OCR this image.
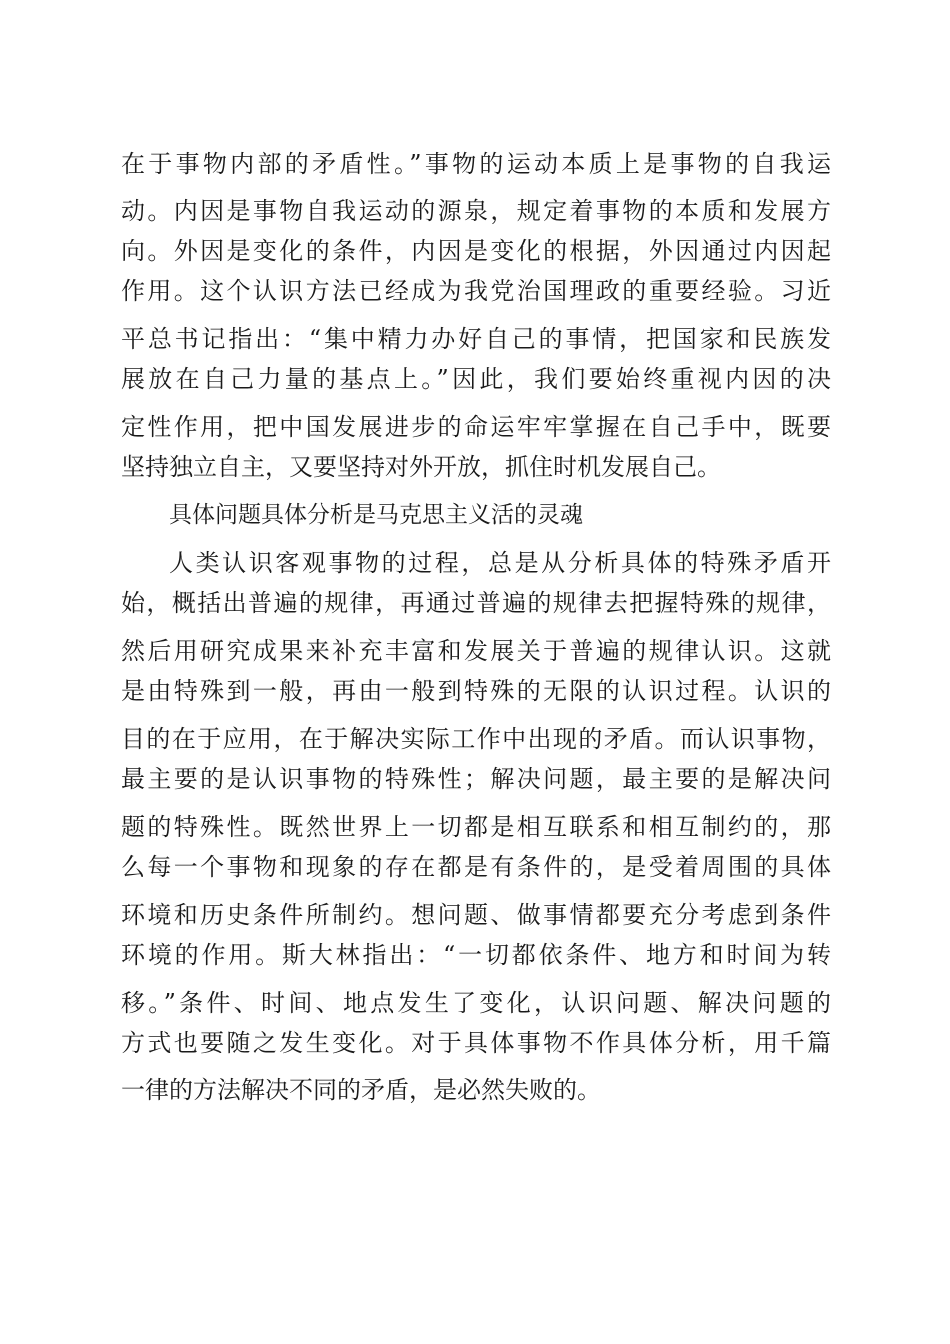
在于事物内部的矛盾性。”事物的运动本质上是事物的自我运
动。内因是事物自我运动的源泉，规定着事物的本质和发展方
向。外因是变化的条件，内因是变化的根据，外因通过内因起
作用。这个认识方法已经成为我党治国理政的重要经验。习近
平总书记指出：“集中精力办好自己的事情，把国家和民族发
展放在自己力量的基点上。”因此，我们要始终重视内因的决
定性作用，把中国发展进步的命运牢牢掌握在自己手中，既要
坚持独立自主，又要坚持对外开放，抓住时机发展自己。
具体问题具体分析是马克思主义活的灵魂
人类认识客观事物的过程，总是从分析具体的特殊矛盾开
始，概括出普遍的规律，再通过普遍的规律去把握特殊的规律，
然后用研究成果来补充丰富和发展关于普遍的规律认识。这就
是由特殊到一般，再由一般到特殊的无限的认识过程。认识的
目的在于应用，在于解决实际工作中出现的矛盾。而认识事物，
最主要的是认识事物的特殊性；解决问题，最主要的是解决问
题的特殊性。既然世界上一切都是相互联系和相互制约的，那
么每一个事物和现象的存在都是有条件的，是受着周围的具体
环境和历史条件所制约。想问题、做事情都要充分考虑到条件
环境的作用。斯大林指出：“一切都依条件、地方和时间为转
移。”条件、时间、地点发生了变化，认识问题、解决问题的
方式也要随之发生变化。对于具体事物不作具体分析，用千篇
一律的方法解决不同的矛盾，是必然失败的。
